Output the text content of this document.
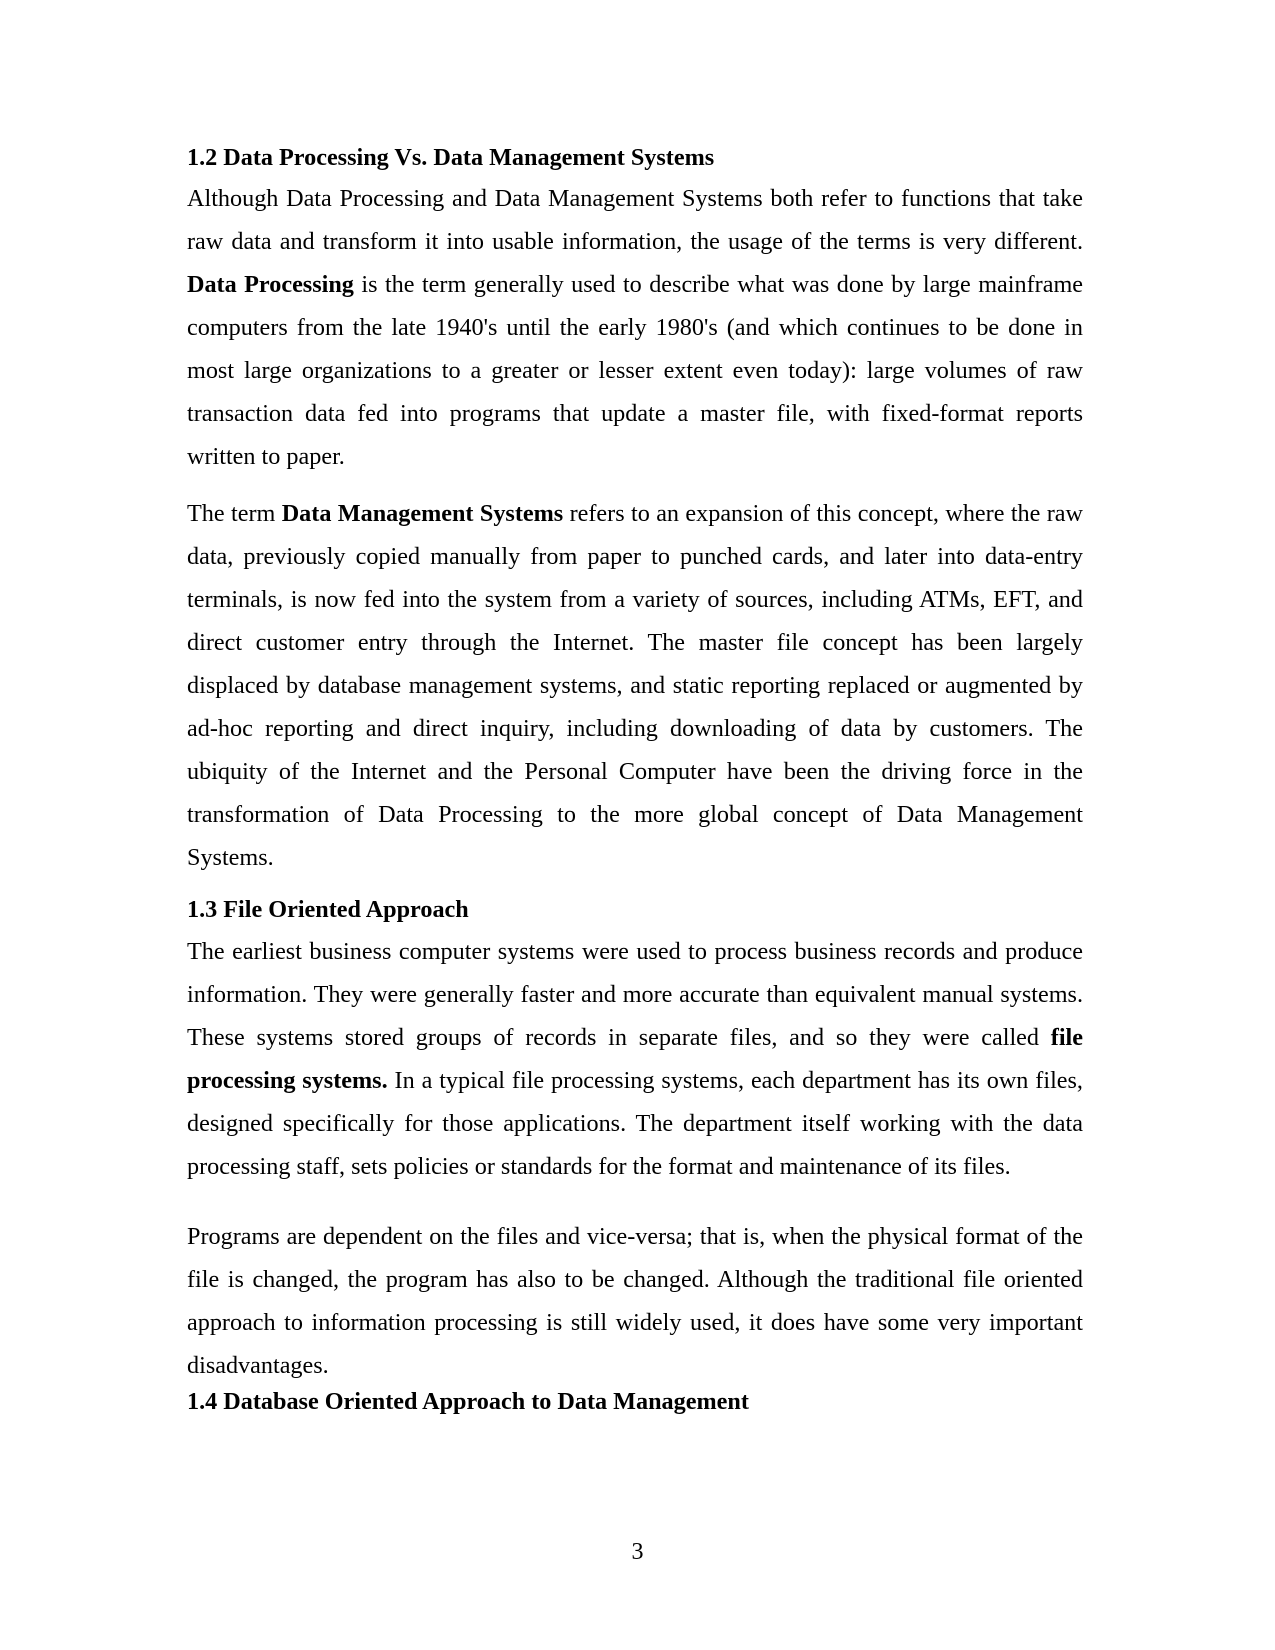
1.2 Data Processing Vs. Data Management Systems

Although Data Processing and Data Management Systems both refer to functions that take raw data and transform it into usable information, the usage of the terms is very different. Data Processing is the term generally used to describe what was done by large mainframe computers from the late 1940's until the early 1980's (and which continues to be done in most large organizations to a greater or lesser extent even today): large volumes of raw transaction data fed into programs that update a master file, with fixed-format reports written to paper.

The term Data Management Systems refers to an expansion of this concept, where the raw data, previously copied manually from paper to punched cards, and later into data-entry terminals, is now fed into the system from a variety of sources, including ATMs, EFT, and direct customer entry through the Internet. The master file concept has been largely displaced by database management systems, and static reporting replaced or augmented by ad-hoc reporting and direct inquiry, including downloading of data by customers. The ubiquity of the Internet and the Personal Computer have been the driving force in the transformation of Data Processing to the more global concept of Data Management Systems.

1.3 File Oriented Approach

The earliest business computer systems were used to process business records and produce information. They were generally faster and more accurate than equivalent manual systems. These systems stored groups of records in separate files, and so they were called file processing systems. In a typical file processing systems, each department has its own files, designed specifically for those applications. The department itself working with the data processing staff, sets policies or standards for the format and maintenance of its files.

Programs are dependent on the files and vice-versa; that is, when the physical format of the file is changed, the program has also to be changed. Although the traditional file oriented approach to information processing is still widely used, it does have some very important disadvantages.

1.4 Database Oriented Approach to Data Management

3
